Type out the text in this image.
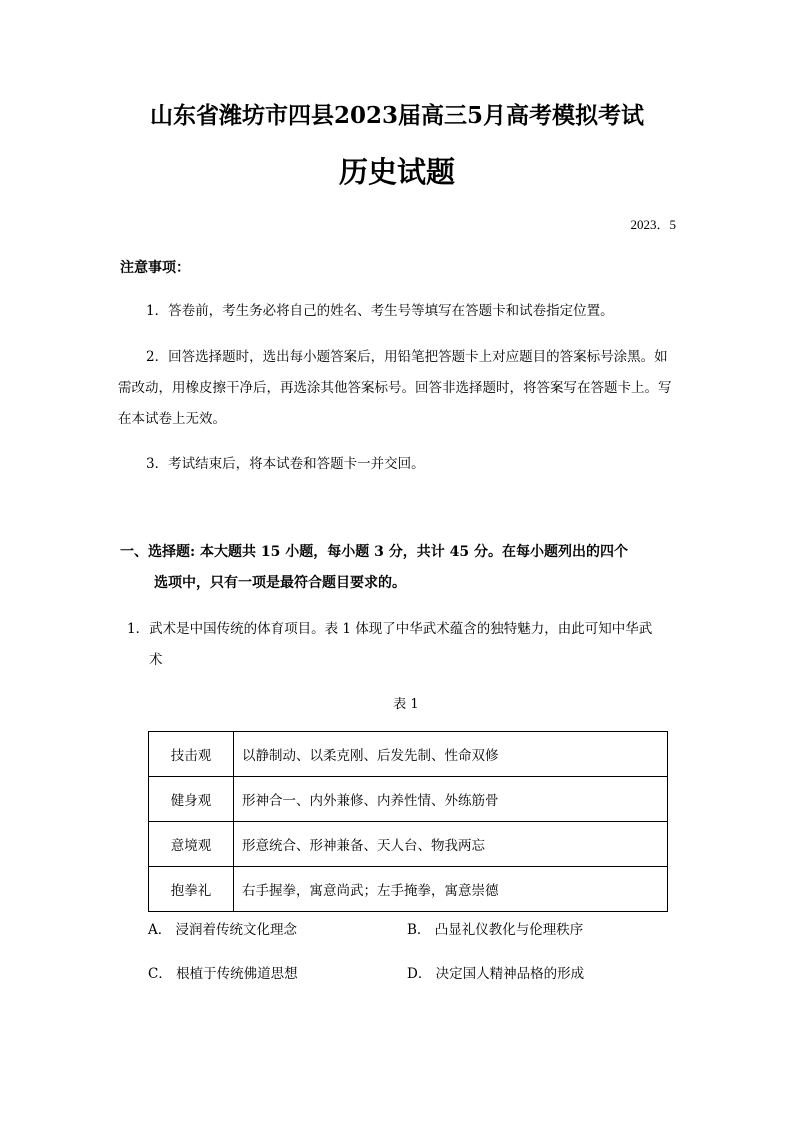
山东省潍坊市四县2023届高三5月高考模拟考试
历史试题
2023．5
注意事项：
1．答卷前，考生务必将自己的姓名、考生号等填写在答题卡和试卷指定位置。
2．回答选择题时，选出每小题答案后，用铅笔把答题卡上对应题目的答案标号涂黑。如需改动，用橡皮擦干净后，再选涂其他答案标号。回答非选择题时，将答案写在答题卡上。写在本试卷上无效。
3．考试结束后，将本试卷和答题卡一并交回。
一、选择题: 本大题共 15 小题，每小题 3 分，共计 45 分。在每小题列出的四个
选项中，只有一项是最符合题目要求的。
1．武术是中国传统的体育项目。表 1 体现了中华武术蕴含的独特魅力，由此可知中华武
术
表 1
技击观	以静制动、以柔克刚、后发先制、性命双修
健身观	形神合一、内外兼修、内养性情、外练筋骨
意境观	形意统合、形神兼备、天人台、物我两忘
抱拳礼	右手握拳，寓意尚武；左手掩拳，寓意崇德
A． 浸润着传统文化理念	B． 凸显礼仪教化与伦理秩序
C． 根植于传统佛道思想	D． 决定国人精神品格的形成
